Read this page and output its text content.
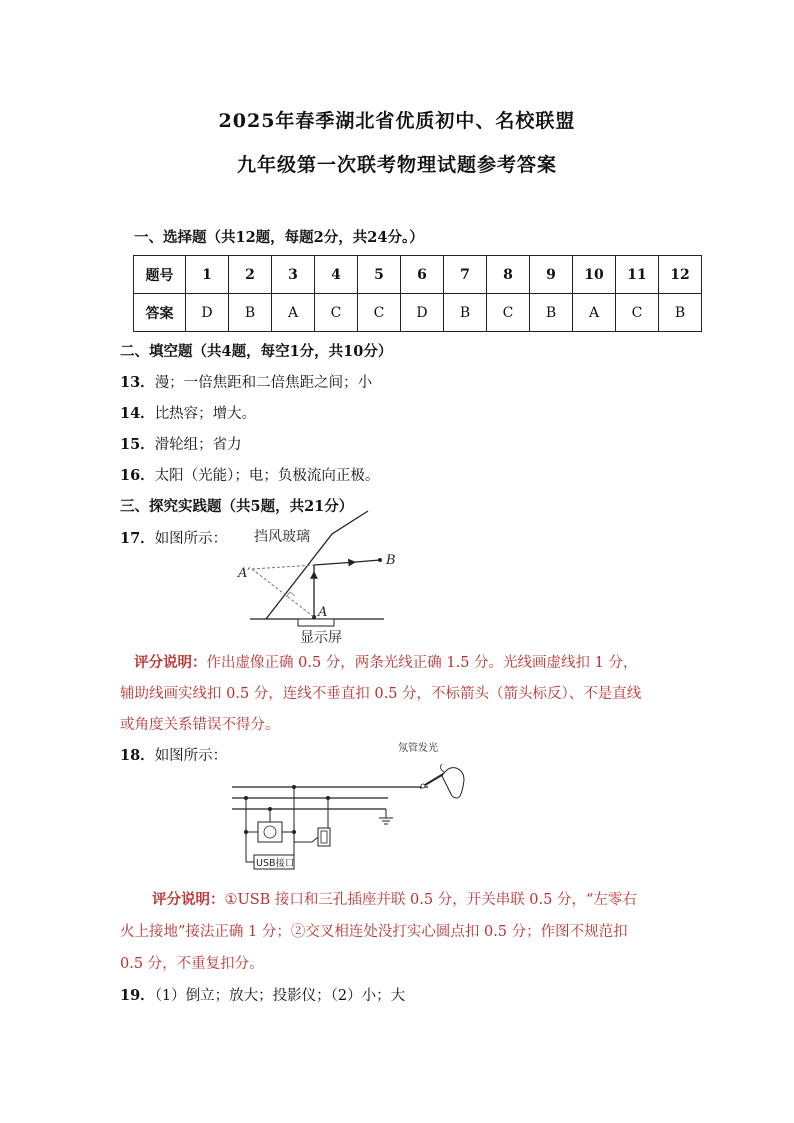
2025年春季湖北省优质初中、名校联盟
九年级第一次联考物理试题参考答案
一、选择题（共12题，每题2分，共24分。）
题号	1	2	3	4	5	6	7	8	9	10	11	12
答案	D	B	A	C	C	D	B	C	B	A	C	B
二、填空题（共4题，每空1分，共10分）
13．漫；一倍焦距和二倍焦距之间；小
14．比热容；增大。
15．滑轮组；省力
16．太阳（光能）；电；负极流向正极。
三、探究实践题（共5题，共21分）
17．如图所示： 挡风玻璃
A′
B
A
显示屏
评分说明：作出虚像正确 0.5 分，两条光线正确 1.5 分。光线画虚线扣 1 分，
辅助线画实线扣 0.5 分，连线不垂直扣 0.5 分，不标箭头（箭头标反）、不是直线
或角度关系错误不得分。
18．如图所示：
USB接口
氖管发光
评分说明：①USB 接口和三孔插座并联 0.5 分，开关串联 0.5 分，“左零右
火上接地”接法正确 1 分；②交叉相连处没打实心圆点扣 0.5 分；作图不规范扣
0.5 分，不重复扣分。
19．（1）倒立；放大；投影仪；（2）小；大
